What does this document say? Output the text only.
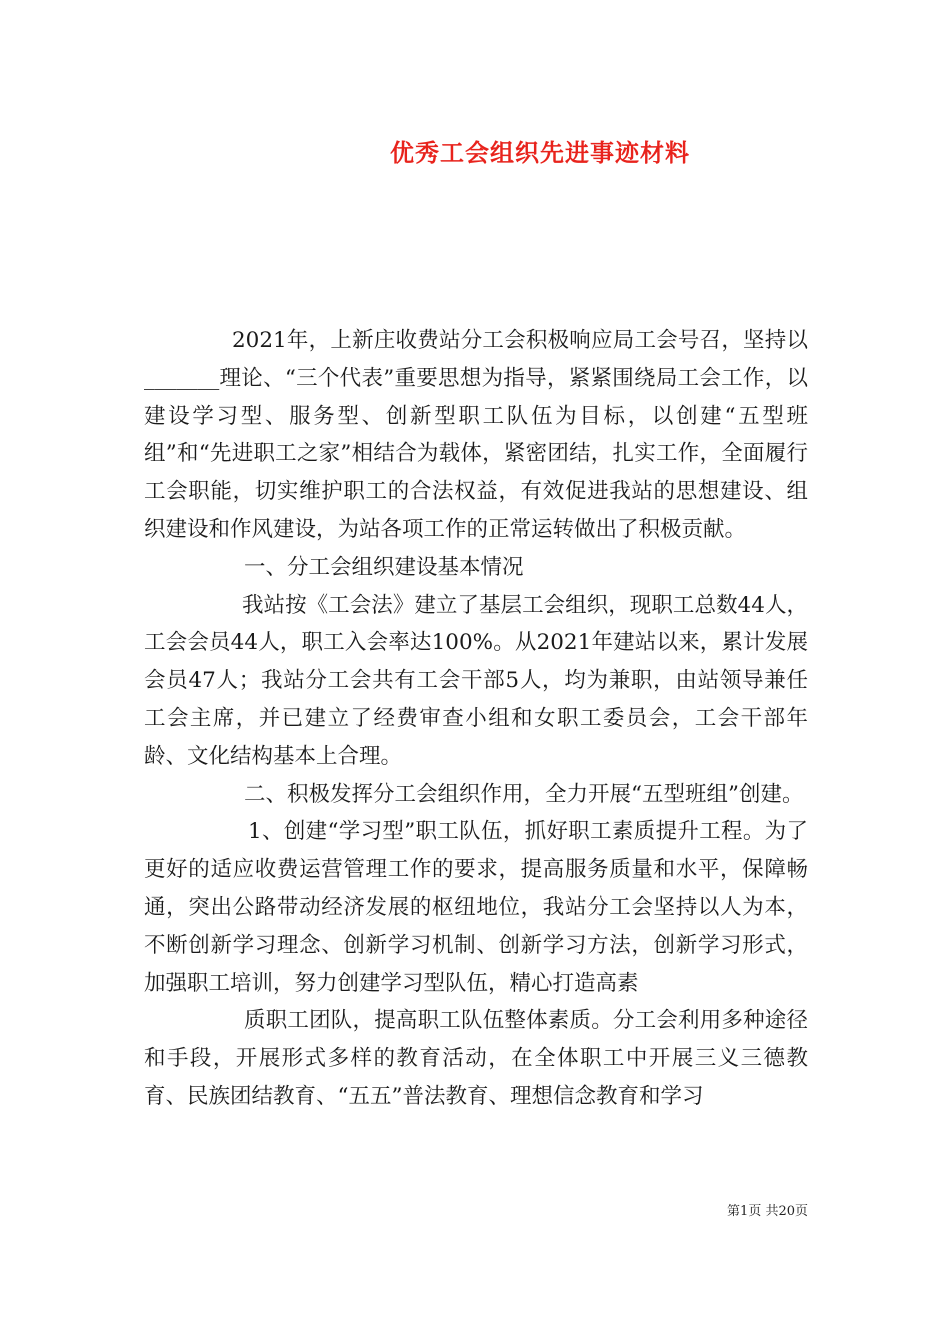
优秀工会组织先进事迹材料

2021年，上新庄收费站分工会积极响应局工会号召，坚持以_______理论、“三个代表”重要思想为指导，紧紧围绕局工会工作，以建设学习型、服务型、创新型职工队伍为目标，以创建“五型班组”和“先进职工之家”相结合为载体，紧密团结，扎实工作，全面履行工会职能，切实维护职工的合法权益，有效促进我站的思想建设、组织建设和作风建设，为站各项工作的正常运转做出了积极贡献。

一、分工会组织建设基本情况

我站按《工会法》建立了基层工会组织，现职工总数44人，工会会员44人，职工入会率达100%。从2021年建站以来，累计发展会员47人；我站分工会共有工会干部5人，均为兼职，由站领导兼任工会主席，并已建立了经费审查小组和女职工委员会，工会干部年龄、文化结构基本上合理。

二、积极发挥分工会组织作用，全力开展“五型班组”创建。

1、创建“学习型”职工队伍，抓好职工素质提升工程。为了更好的适应收费运营管理工作的要求，提高服务质量和水平，保障畅通，突出公路带动经济发展的枢纽地位，我站分工会坚持以人为本，不断创新学习理念、创新学习机制、创新学习方法，创新学习形式，加强职工培训，努力创建学习型队伍，精心打造高素

质职工团队，提高职工队伍整体素质。分工会利用多种途径和手段，开展形式多样的教育活动，在全体职工中开展三义三德教育、民族团结教育、“五五”普法教育、理想信念教育和学习

第1页 共20页
